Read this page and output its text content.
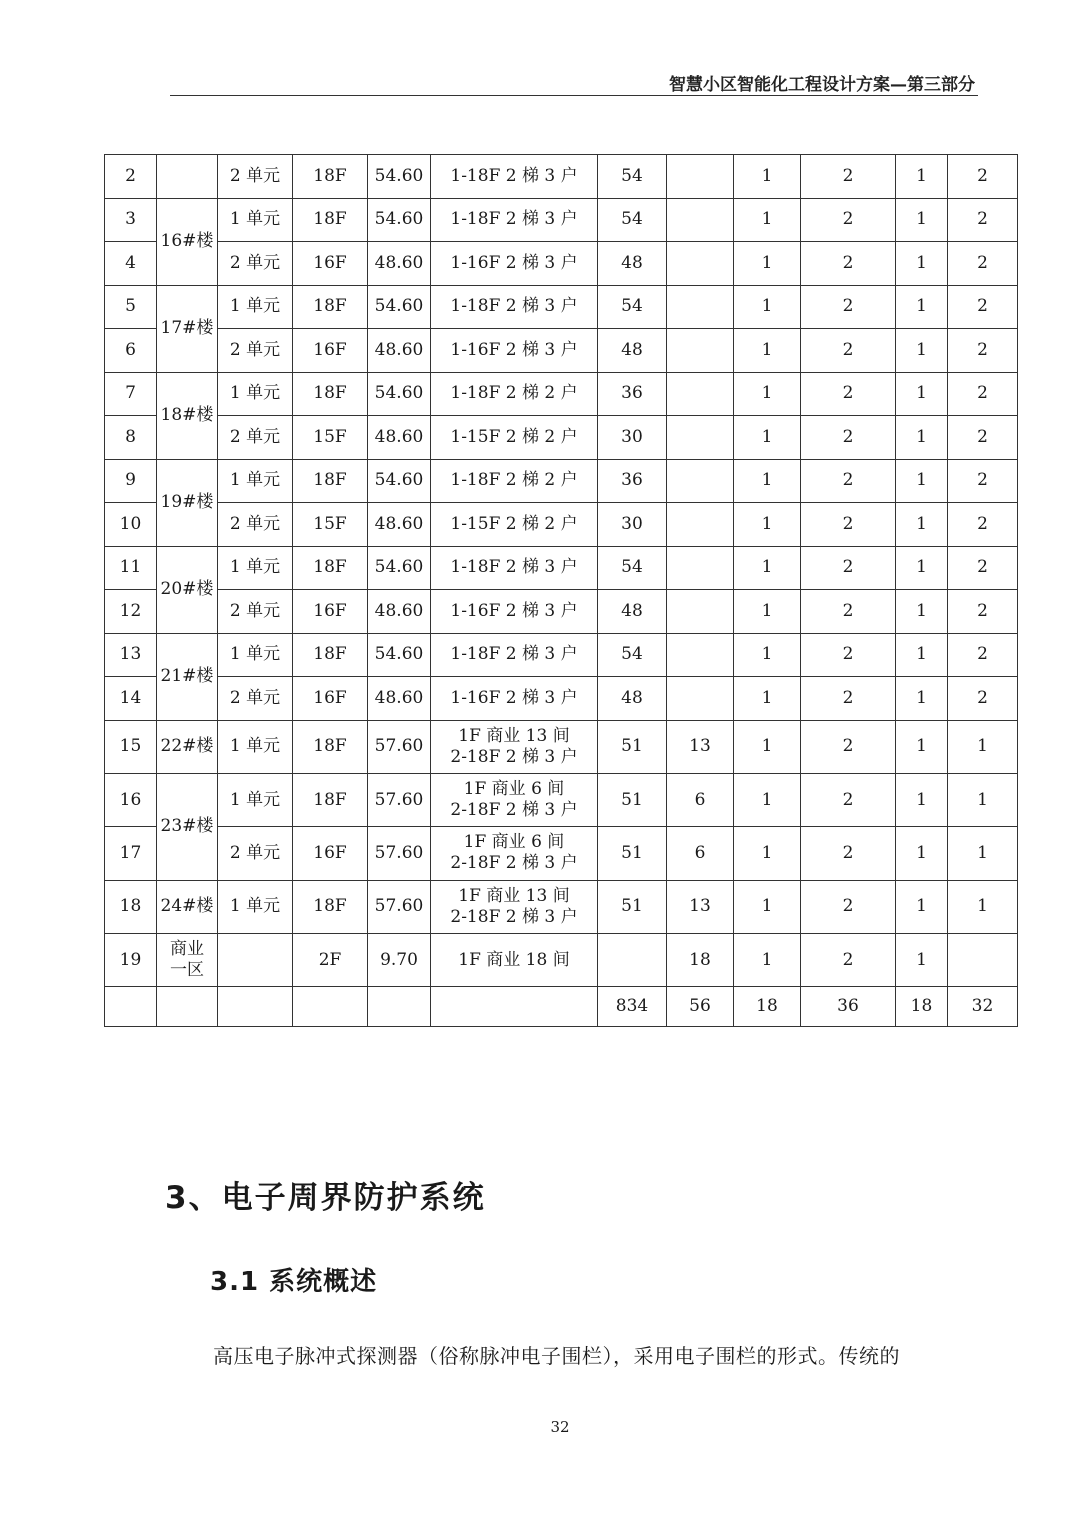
智慧小区智能化工程设计方案—第三部分
2		2 单元	18F	54.60	1-18F 2 梯 3 户	54		1	2	1	2
3	16#楼	1 单元	18F	54.60	1-18F 2 梯 3 户	54		1	2	1	2
4		2 单元	16F	48.60	1-16F 2 梯 3 户	48		1	2	1	2
5	17#楼	1 单元	18F	54.60	1-18F 2 梯 3 户	54		1	2	1	2
6		2 单元	16F	48.60	1-16F 2 梯 3 户	48		1	2	1	2
7	18#楼	1 单元	18F	54.60	1-18F 2 梯 2 户	36		1	2	1	2
8		2 单元	15F	48.60	1-15F 2 梯 2 户	30		1	2	1	2
9	19#楼	1 单元	18F	54.60	1-18F 2 梯 2 户	36		1	2	1	2
10		2 单元	15F	48.60	1-15F 2 梯 2 户	30		1	2	1	2
11	20#楼	1 单元	18F	54.60	1-18F 2 梯 3 户	54		1	2	1	2
12		2 单元	16F	48.60	1-16F 2 梯 3 户	48		1	2	1	2
13	21#楼	1 单元	18F	54.60	1-18F 2 梯 3 户	54		1	2	1	2
14		2 单元	16F	48.60	1-16F 2 梯 3 户	48		1	2	1	2
15	22#楼	1 单元	18F	57.60	1F 商业 13 间
2-18F 2 梯 3 户	51	13	1	2	1	1
16	23#楼	1 单元	18F	57.60	1F 商业 6 间
2-18F 2 梯 3 户	51	6	1	2	1	1
17		2 单元	16F	57.60	1F 商业 6 间
2-18F 2 梯 3 户	51	6	1	2	1	1
18	24#楼	1 单元	18F	57.60	1F 商业 13 间
2-18F 2 梯 3 户	51	13	1	2	1	1
19	商业
一区		2F	9.70	1F 商业 18 间		18	1	2	1	
						834	56	18	36	18	32
3、电子周界防护系统
3.1 系统概述
高压电子脉冲式探测器（俗称脉冲电子围栏），采用电子围栏的形式。传统的
32
